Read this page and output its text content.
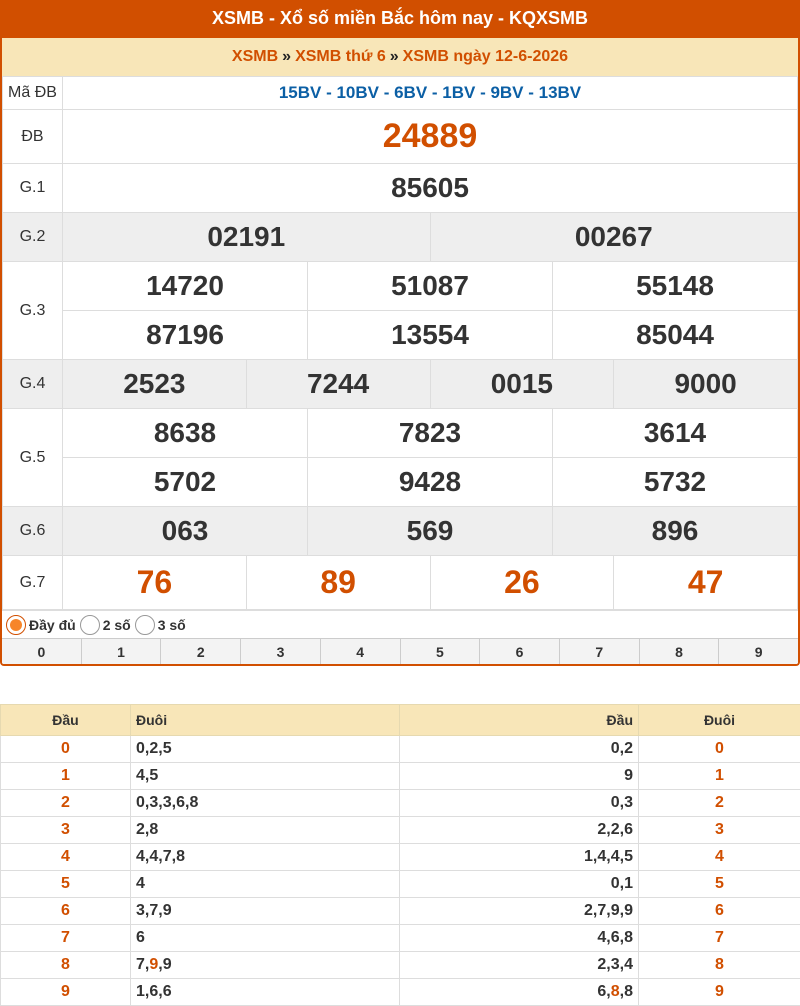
XSMB - Xổ số miền Bắc hôm nay - KQXSMB
XSMB » XSMB thứ 6 » XSMB ngày 12-6-2026
Mã ĐB	15BV - 10BV - 6BV - 1BV - 9BV - 13BV					
ĐB	24889					
G.1	85605					
G.2	02191			00267		
G.3	14720		51087		55148	
	87196		13554		85044	
G.4	2523	7244		0015		9000
G.5	8638		7823		3614	
	5702		9428		5732	
G.6	063		569		896	
G.7	76	89		26		47
Đầy đủ 2 số 3 số
0	1	2	3	4	5	6	7	8	9
Đầu	Đuôi	Đầu	Đuôi
0	0,2,5	0,2	0
1	4,5	9	1
2	0,3,3,6,8	0,3	2
3	2,8	2,2,6	3
4	4,4,7,8	1,4,4,5	4
5	4	0,1	5
6	3,7,9	2,7,9,9	6
7	6	4,6,8	7
8	7,9,9	2,3,4	8
9	1,6,6	6,8,8	9
